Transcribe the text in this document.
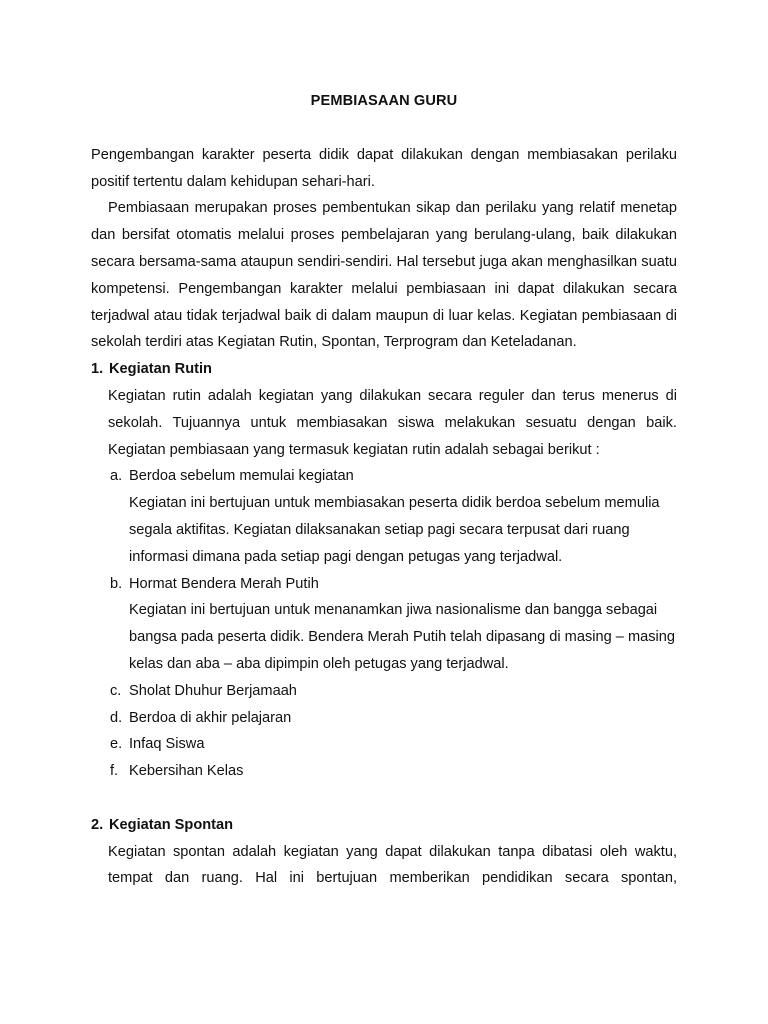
PEMBIASAAN GURU

Pengembangan karakter peserta didik dapat dilakukan dengan membiasakan perilaku positif tertentu dalam kehidupan sehari-hari.

Pembiasaan merupakan proses pembentukan sikap dan perilaku yang relatif menetap dan bersifat otomatis melalui proses pembelajaran yang berulang-ulang, baik dilakukan secara bersama-sama ataupun sendiri-sendiri. Hal tersebut juga akan menghasilkan suatu kompetensi. Pengembangan karakter melalui pembiasaan ini dapat dilakukan secara terjadwal atau tidak terjadwal baik di dalam maupun di luar kelas. Kegiatan pembiasaan di sekolah terdiri atas Kegiatan Rutin, Spontan, Terprogram dan Keteladanan.

1. Kegiatan Rutin

Kegiatan rutin adalah kegiatan yang dilakukan secara reguler dan terus menerus di sekolah. Tujuannya untuk membiasakan siswa melakukan sesuatu dengan baik. Kegiatan pembiasaan yang termasuk kegiatan rutin adalah sebagai berikut :

a. Berdoa sebelum memulai kegiatan
Kegiatan ini bertujuan untuk membiasakan peserta didik berdoa sebelum memulia segala aktifitas. Kegiatan dilaksanakan setiap pagi secara terpusat dari ruang informasi dimana pada setiap pagi dengan petugas yang terjadwal.
b. Hormat Bendera Merah Putih
Kegiatan ini bertujuan untuk menanamkan jiwa nasionalisme dan bangga sebagai bangsa pada peserta didik. Bendera Merah Putih telah dipasang di masing – masing kelas dan aba – aba dipimpin oleh petugas yang terjadwal.
c. Sholat Dhuhur Berjamaah
d. Berdoa di akhir pelajaran
e. Infaq Siswa
f. Kebersihan Kelas
2. Kegiatan Spontan

Kegiatan spontan adalah kegiatan yang dapat dilakukan tanpa dibatasi oleh waktu, tempat dan ruang. Hal ini bertujuan memberikan pendidikan secara spontan,
